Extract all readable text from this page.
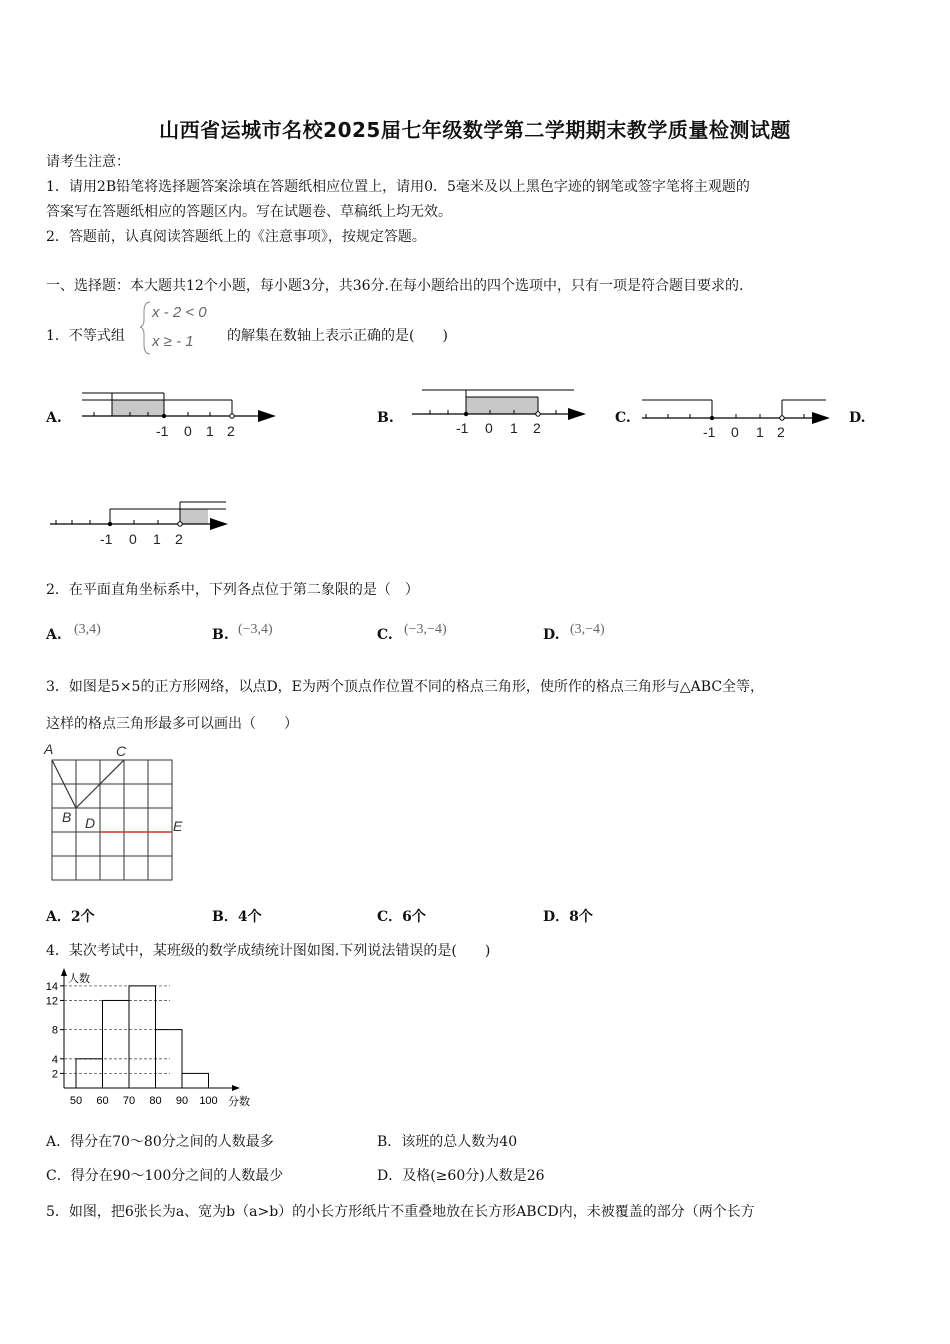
山西省运城市名校2025届七年级数学第二学期期末教学质量检测试题
请考生注意：
1．请用2B铅笔将选择题答案涂填在答题纸相应位置上，请用0．5毫米及以上黑色字迹的钢笔或签字笔将主观题的
答案写在答题纸相应的答题区内。写在试题卷、草稿纸上均无效。
2．答题前，认真阅读答题纸上的《注意事项》，按规定答题。
一、选择题：本大题共12个小题，每小题3分，共36分.在每小题给出的四个选项中，只有一项是符合题目要求的.
1．不等式组
x - 2 < 0
x ≥ - 1 的解集在数轴上表示正确的是(　　)
A.
-1 0 1 2
B.
-1 0 1 2
C.
-1 0 1 2
D.
-1 0 1 2
2．在平面直角坐标系中，下列各点位于第二象限的是（　）
A. (3,4)	B. (−3,4)	C. (−3,−4)	D. (3,−4)
3．如图是5×5的正方形网络，以点D，E为两个顶点作位置不同的格点三角形，使所作的格点三角形与△ABC全等，
这样的格点三角形最多可以画出（　　）
A	C
B D	E
A．2个	B．4个	C．6个	D．8个
4．某次考试中，某班级的数学成绩统计图如图.下列说法错误的是(　　)
人数
分数
2
4
8
12
14
50 60 70 80 90 100
A．得分在70～80分之间的人数最多	B．该班的总人数为40
C．得分在90～100分之间的人数最少	D．及格(≥60分)人数是26
5．如图，把6张长为a、宽为b（a>b）的小长方形纸片不重叠地放在长方形ABCD内，未被覆盖的部分（两个长方
